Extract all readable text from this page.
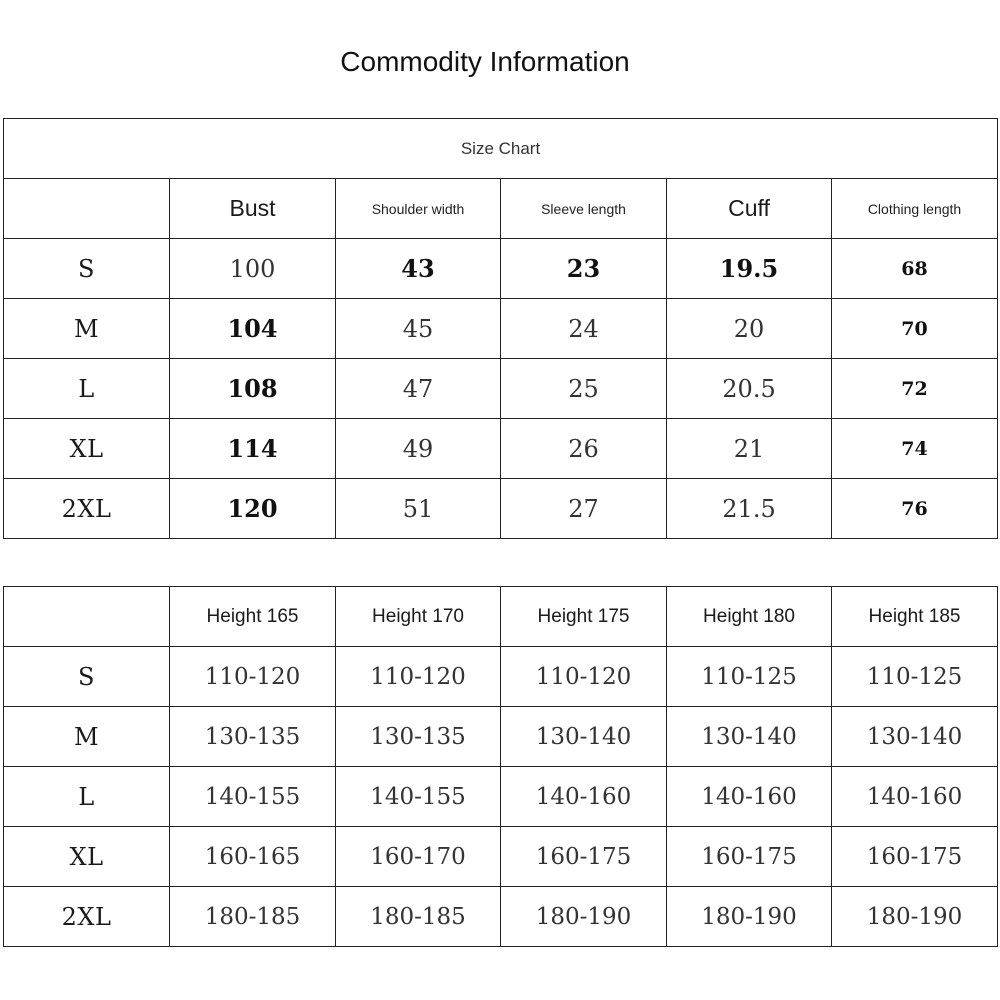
Commodity Information
Size Chart					
	Bust	Shoulder width	Sleeve length	Cuff	Clothing length
S	100	43	23	19.5	68
M	104	45	24	20	70
L	108	47	25	20.5	72
XL	114	49	26	21	74
2XL	120	51	27	21.5	76
	Height 165	Height 170	Height 175	Height 180	Height 185
S	110-120	110-120	110-120	110-125	110-125
M	130-135	130-135	130-140	130-140	130-140
L	140-155	140-155	140-160	140-160	140-160
XL	160-165	160-170	160-175	160-175	160-175
2XL	180-185	180-185	180-190	180-190	180-190
